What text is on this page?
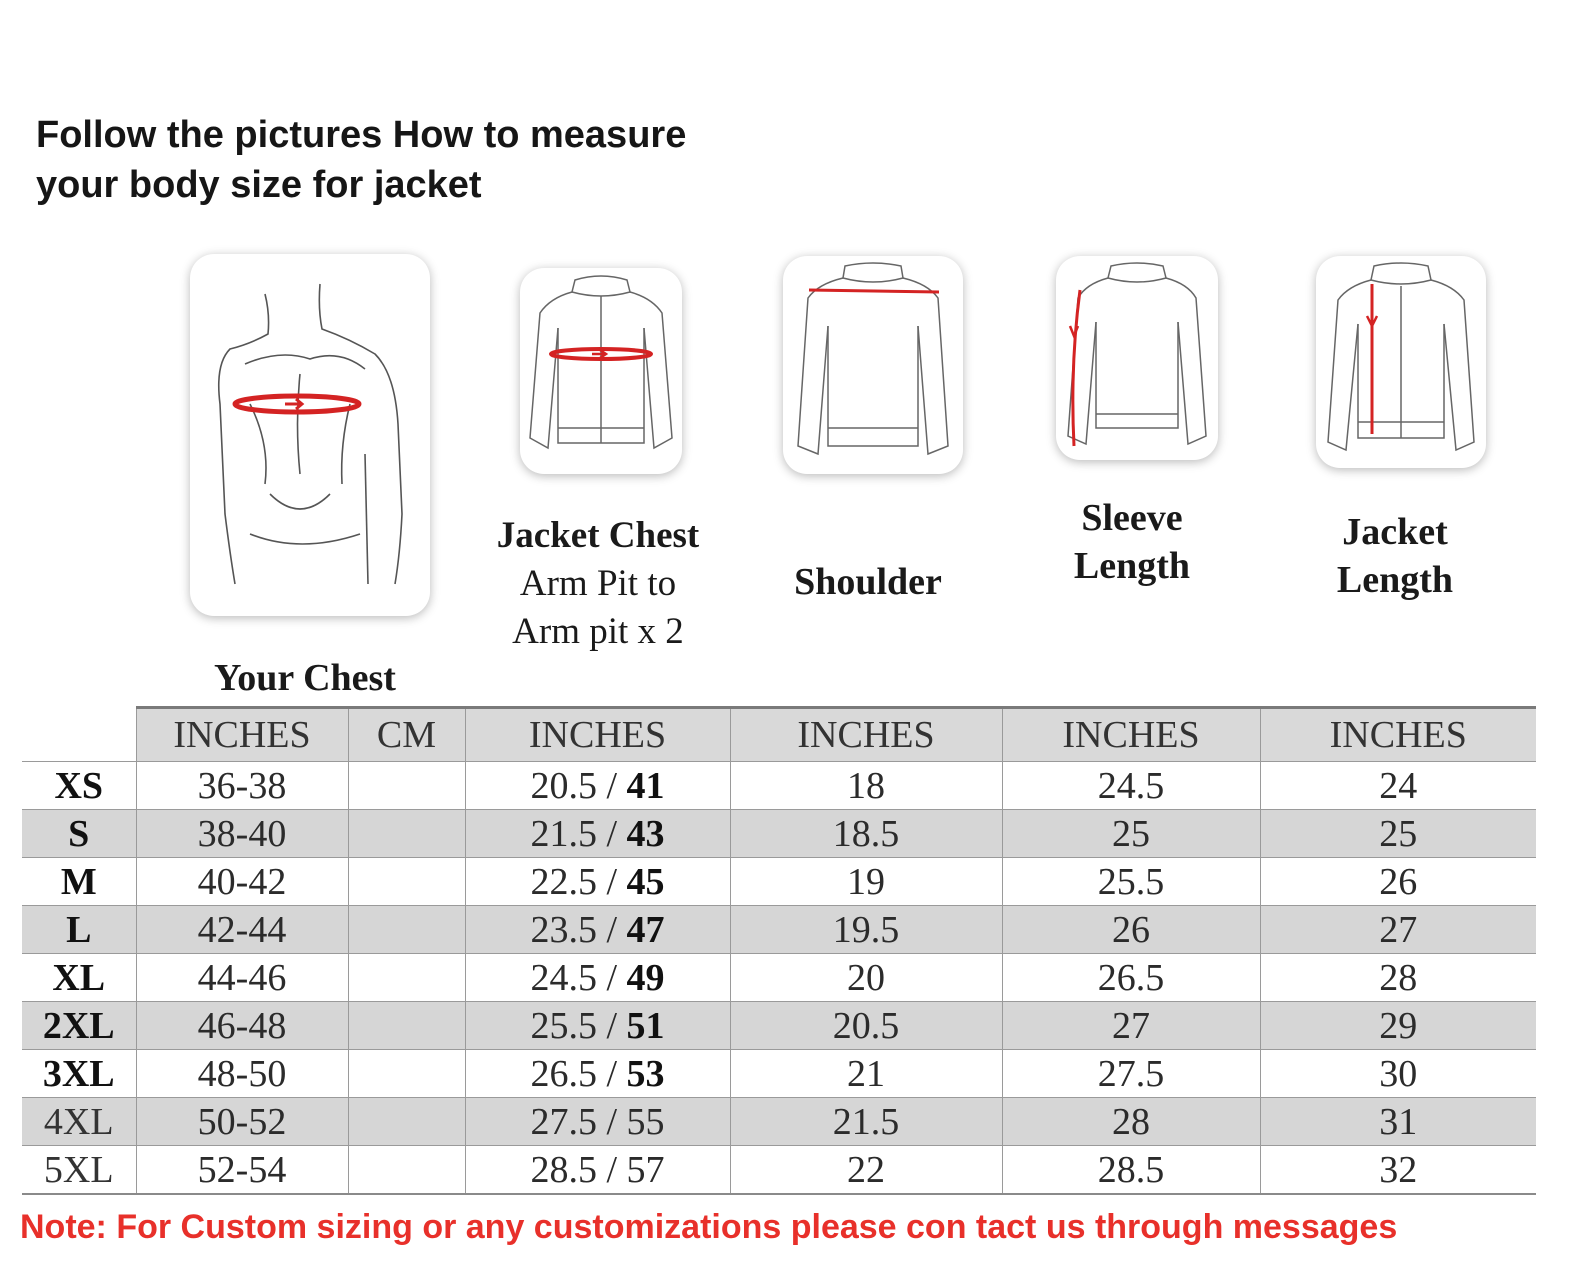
Follow the pictures How to measure
your body size for jacket
Your Chest
Jacket Chest
Arm Pit to
Arm pit x 2
Shoulder
Sleeve
Length
Jacket
Length
	INCHES	CM	INCHES	INCHES	INCHES	INCHES
XS	36-38		20.5 / 41	18	24.5	24
S	38-40		21.5 / 43	18.5	25	25
M	40-42		22.5 / 45	19	25.5	26
L	42-44		23.5 / 47	19.5	26	27
XL	44-46		24.5 / 49	20	26.5	28
2XL	46-48		25.5 / 51	20.5	27	29
3XL	48-50		26.5 / 53	21	27.5	30
4XL	50-52		27.5 / 55	21.5	28	31
5XL	52-54		28.5 / 57	22	28.5	32
Note: For Custom sizing or any customizations please con tact us through messages
